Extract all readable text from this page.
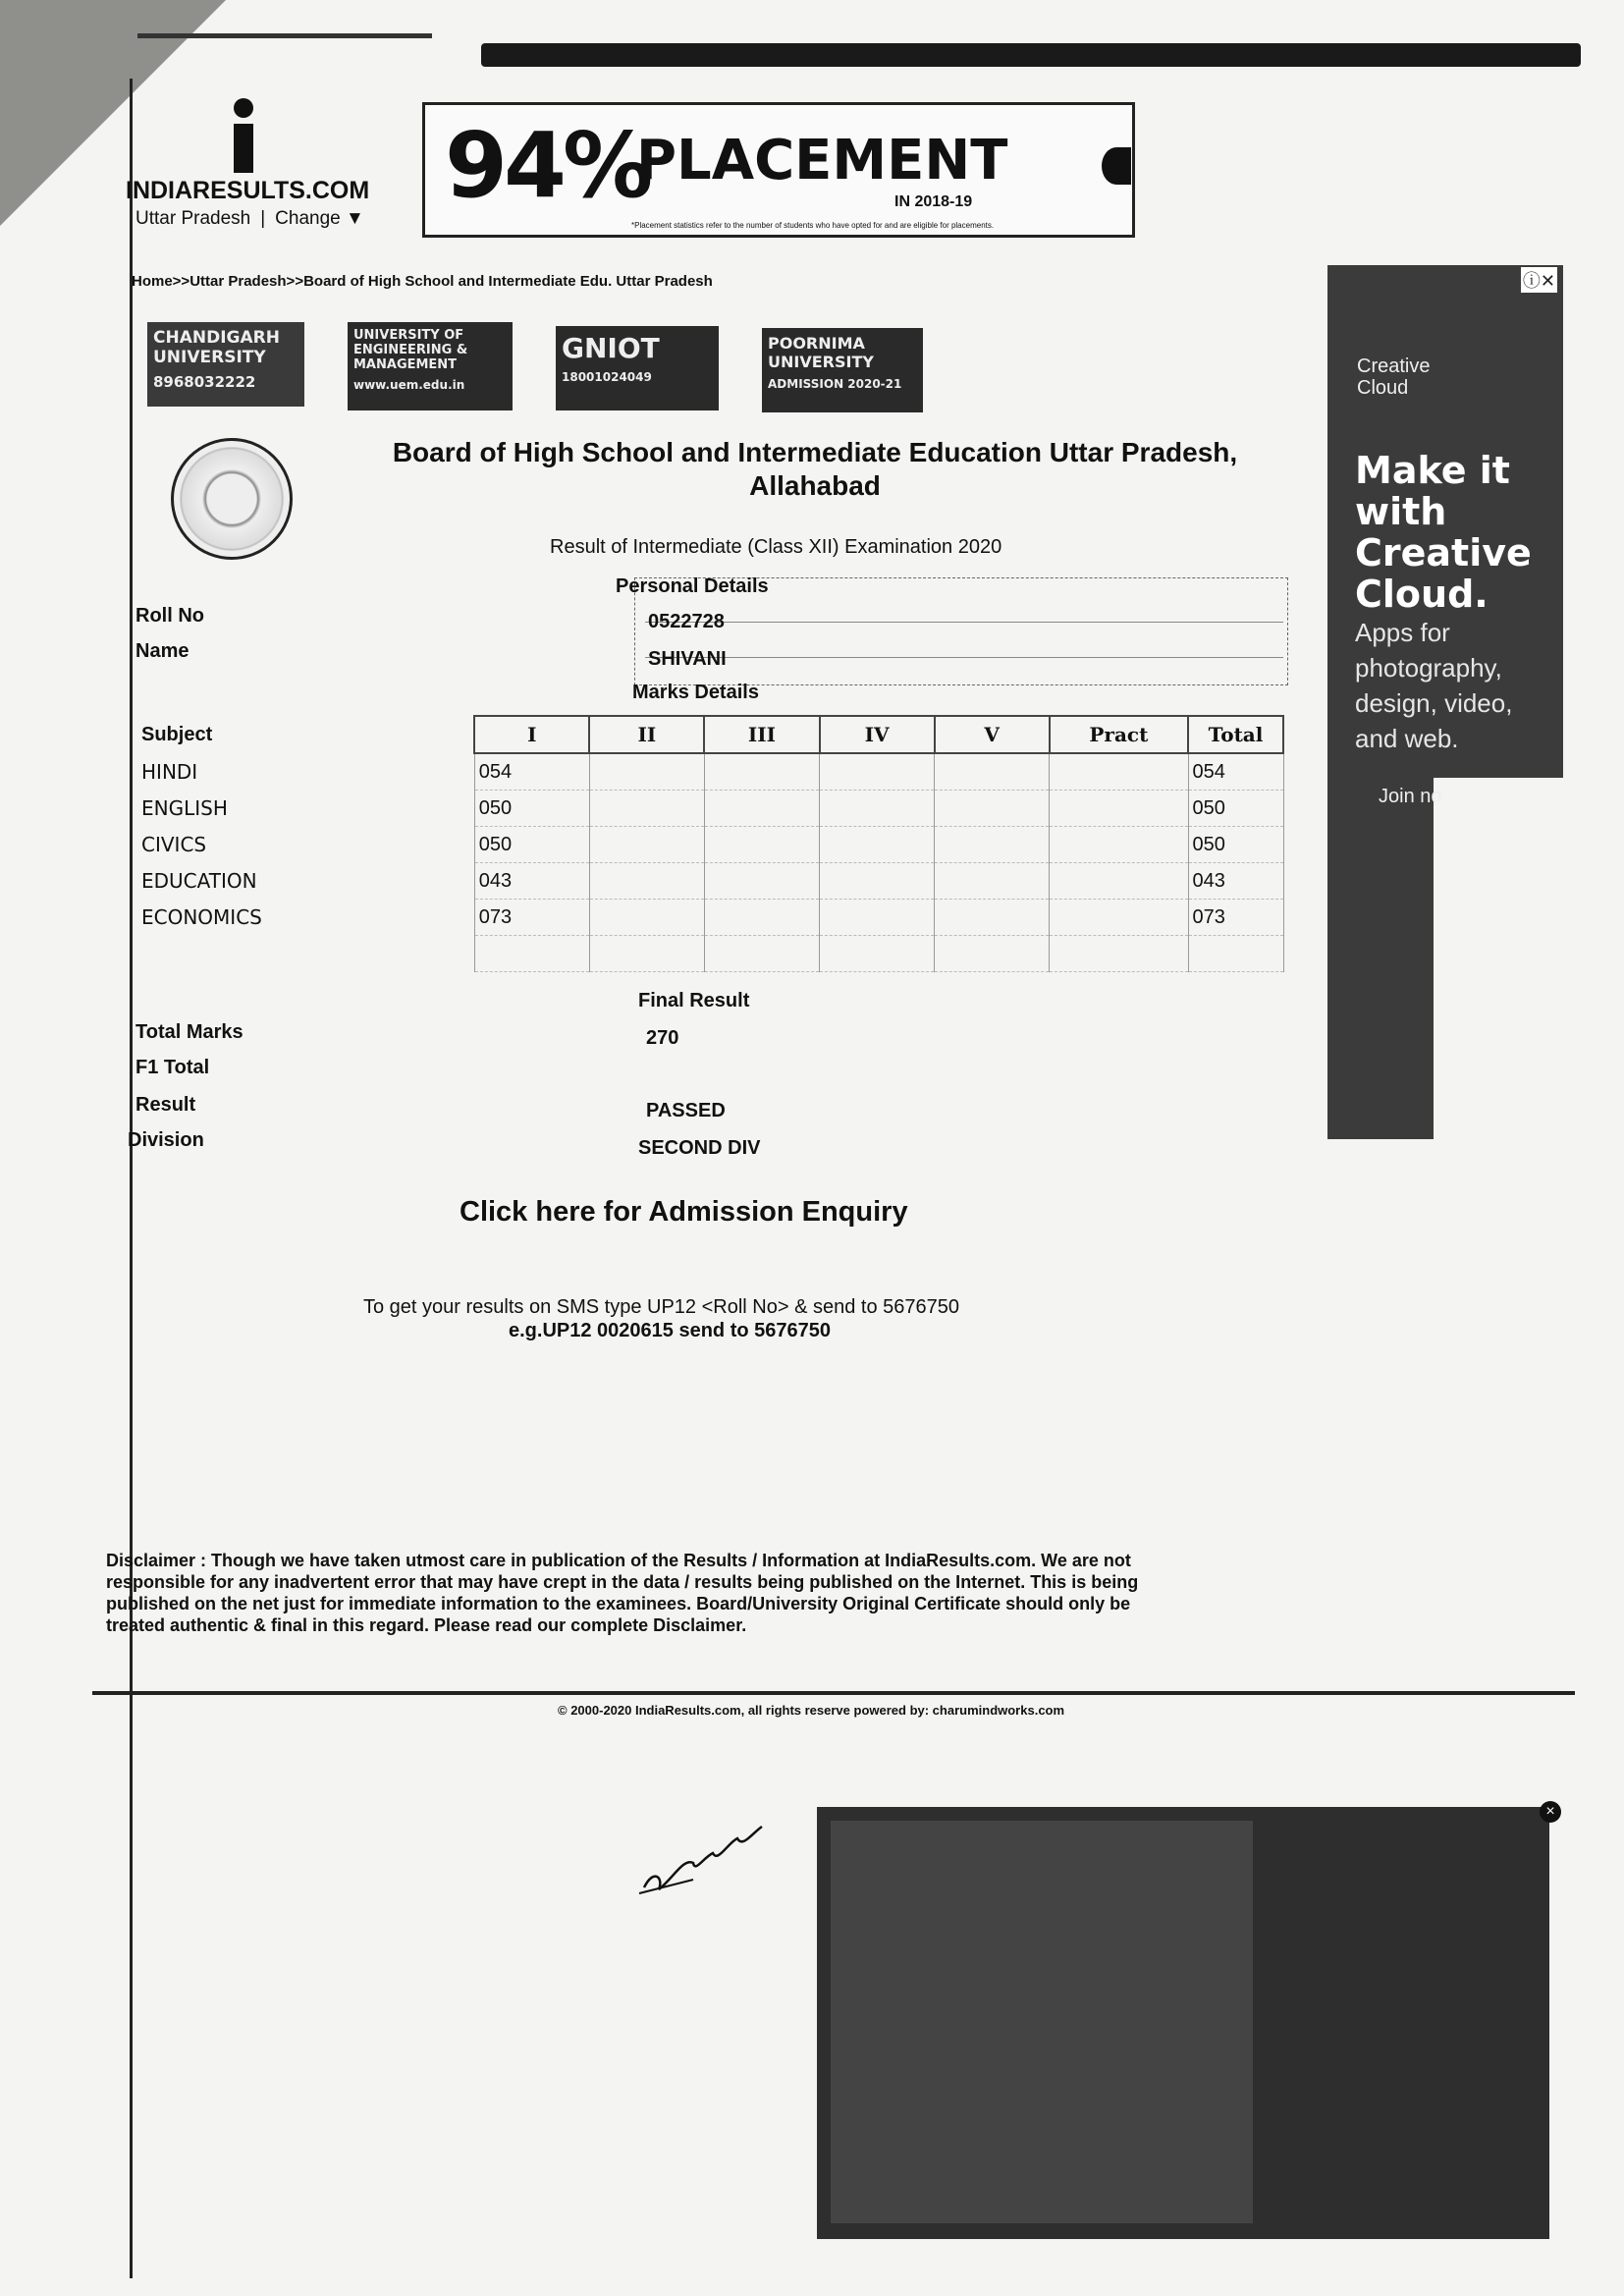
INDIARESULTS.COM
Uttar Pradesh | Change ▼
94%
PLACEMENT
IN 2018-19
*Placement statistics refer to the number of students who have opted for and are eligible for placements.
Home>>Uttar Pradesh>>Board of High School and Intermediate Edu. Uttar Pradesh
CHANDIGARH UNIVERSITY
8968032222
UNIVERSITY OF ENGINEERING & MANAGEMENT
www.uem.edu.in
GNIOT
18001024049
POORNIMA UNIVERSITY
ADMISSION 2020-21
Board of High School and Intermediate Education Uttar Pradesh, Allahabad
Result of Intermediate (Class XII) Examination 2020
Personal Details
Roll No	0522728
Name	SHIVANI
Marks Details
Subject	I	II	III	IV	V	Pract	Total
HINDI	054						054
ENGLISH	050						050
CIVICS	050						050
EDUCATION	043						043
ECONOMICS	073						073

Final Result
Total Marks	270
F1 Total
Result	PASSED
Division	SECOND DIV
Click here for Admission Enquiry
To get your results on SMS type UP12 <Roll No> & send to 5676750
e.g.UP12 0020615 send to 5676750
Disclaimer : Though we have taken utmost care in publication of the Results / Information at IndiaResults.com. We are not responsible for any inadvertent error that may have crept in the data / results being published on the Internet. This is being published on the net just for immediate information to the examinees. Board/University Original Certificate should only be treated authentic & final in this regard. Please read our complete Disclaimer.
© 2000-2020 IndiaResults.com, all rights reserve powered by: charumindworks.com
ⓘ✕
Creative Cloud
Make it with Creative Cloud.
Apps for photography, design, video, and web.
Join no
×
